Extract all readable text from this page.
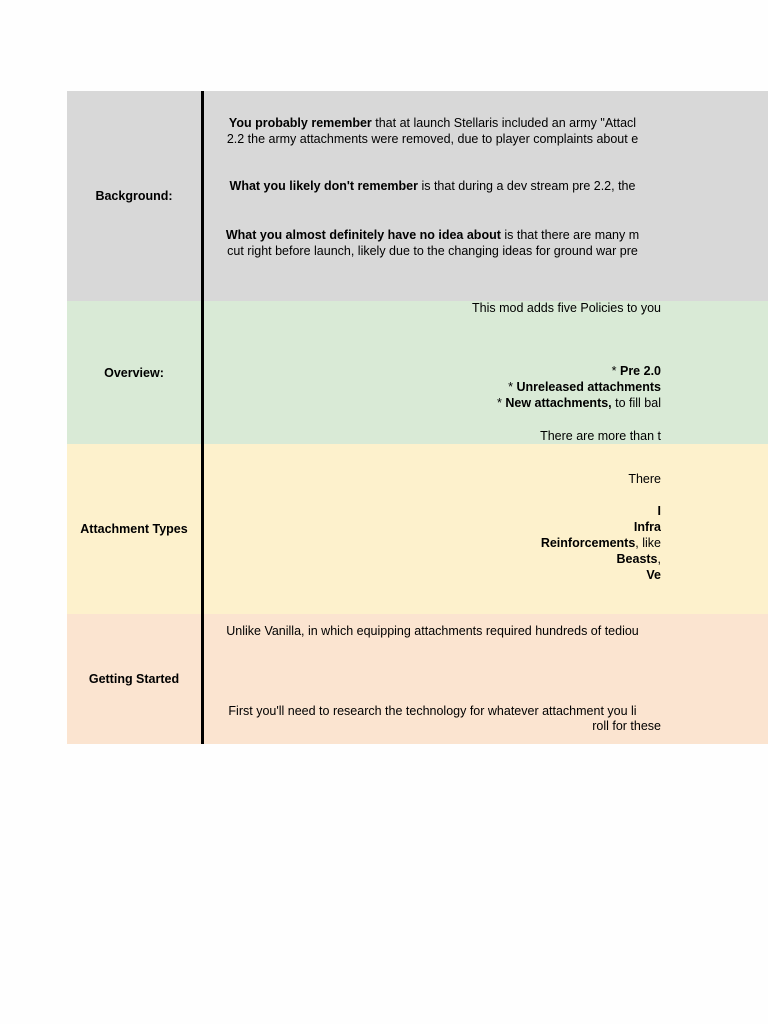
Background:
You probably remember that at launch Stellaris included an army "Attacl
2.2 the army attachments were removed, due to player complaints about e
What you likely don't remember is that during a dev stream pre 2.2, the
What you almost definitely have no idea about is that there are many m
cut right before launch, likely due to the changing ideas for ground war pre
Overview:
This mod adds five Policies to you
* Pre 2.0
* Unreleased attachments
* New attachments, to fill bal
There are more than t
Attachment Types
There
I
Infra
Reinforcements, like
Beasts,
Ve
Getting Started
Unlike Vanilla, in which equipping attachments required hundreds of tediou
First you'll need to research the technology for whatever attachment you li
roll for these
